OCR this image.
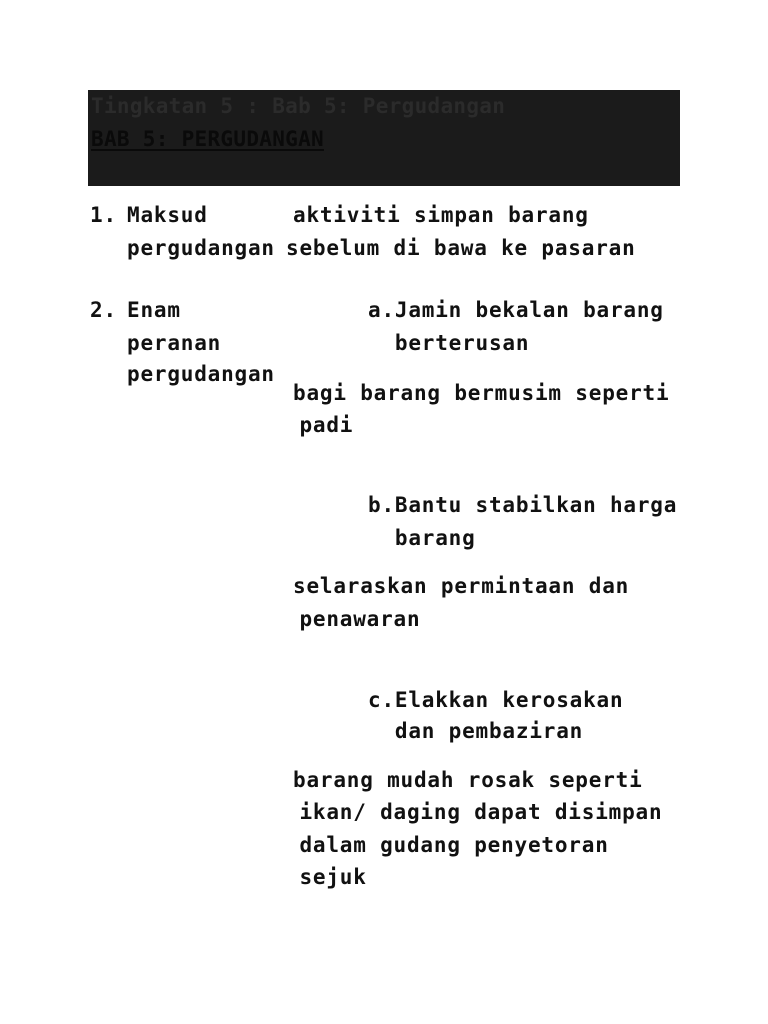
Tingkatan 5 : Bab 5: Pergudangan
BAB 5: PERGUDANGAN
1. Maksud
pergudangan
aktiviti simpan barang
sebelum di bawa ke pasaran
2. Enam
peranan
pergudangan
a.Jamin bekalan barang
berterusan
bagi barang bermusim seperti
padi
b.Bantu stabilkan harga
barang
selaraskan permintaan dan
penawaran
c.Elakkan kerosakan
dan pembaziran
barang mudah rosak seperti
ikan/ daging dapat disimpan
dalam gudang penyetoran
sejuk
